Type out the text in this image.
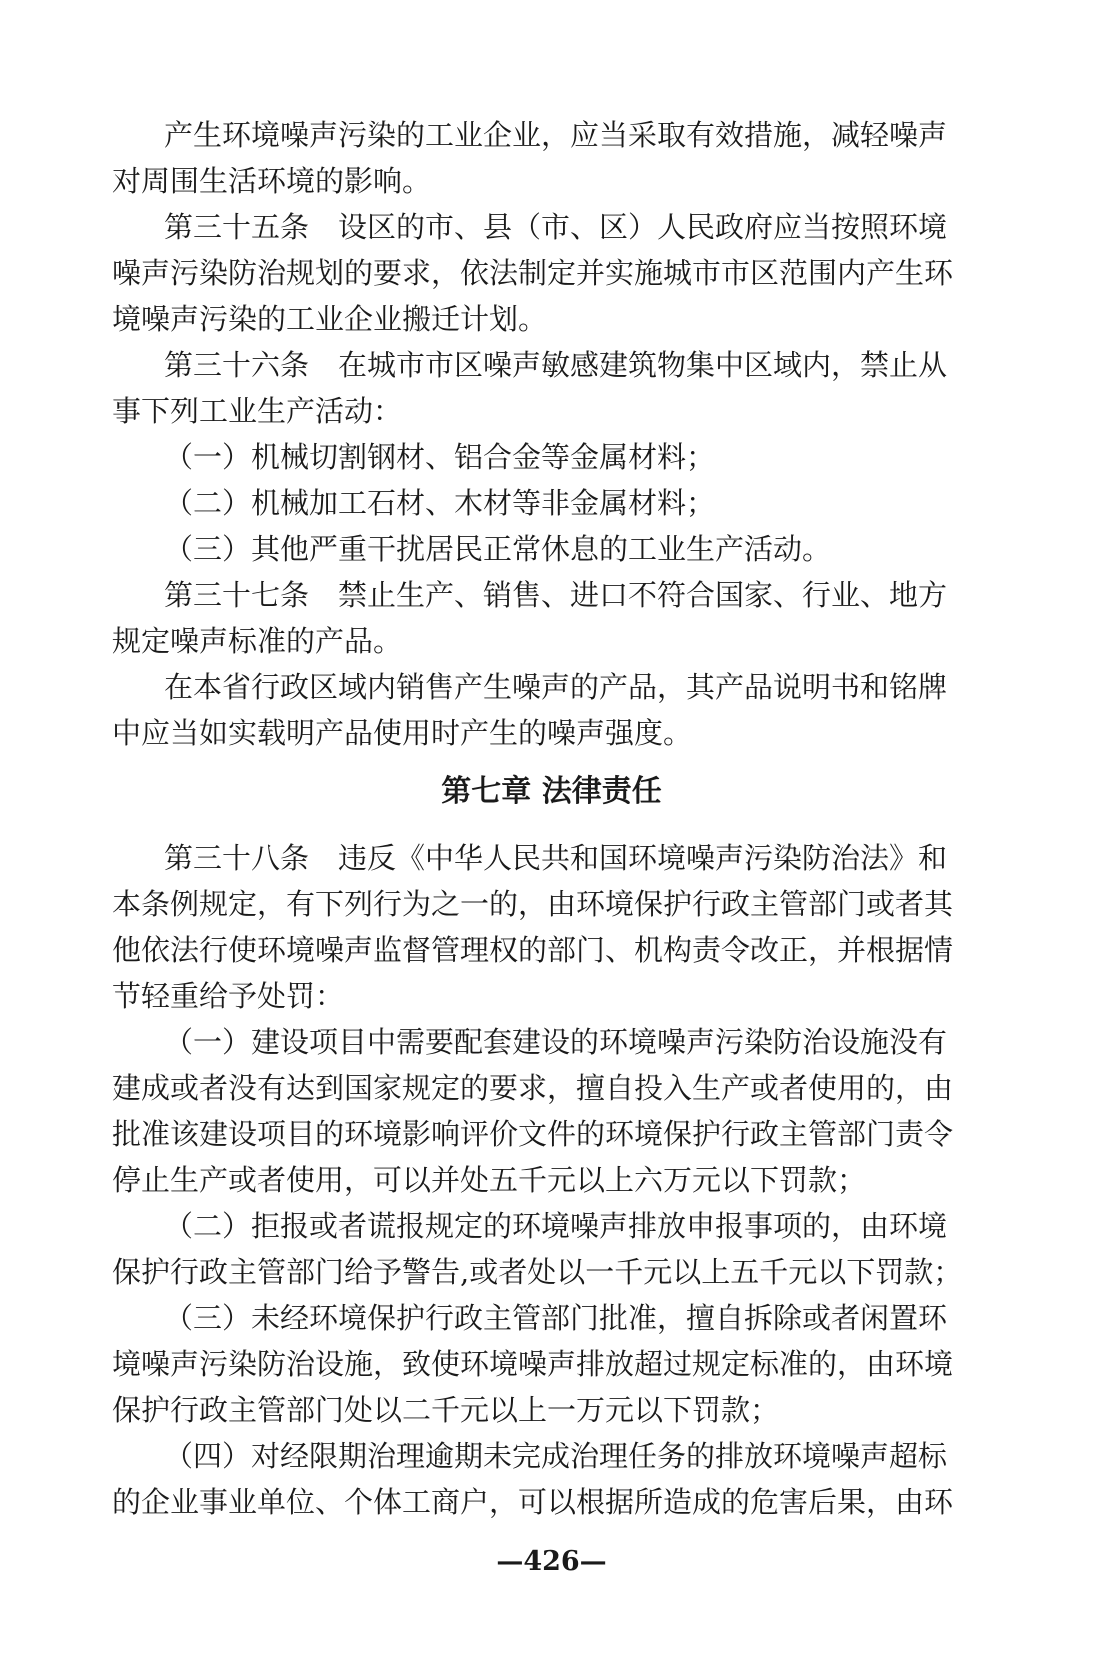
产生环境噪声污染的工业企业，应当采取有效措施，减轻噪声
对周围生活环境的影响。
第三十五条　设区的市、县（市、区）人民政府应当按照环境
噪声污染防治规划的要求，依法制定并实施城市市区范围内产生环
境噪声污染的工业企业搬迁计划。
第三十六条　在城市市区噪声敏感建筑物集中区域内，禁止从
事下列工业生产活动：
（一）机械切割钢材、铝合金等金属材料；
（二）机械加工石材、木材等非金属材料；
（三）其他严重干扰居民正常休息的工业生产活动。
第三十七条　禁止生产、销售、进口不符合国家、行业、地方
规定噪声标准的产品。
在本省行政区域内销售产生噪声的产品，其产品说明书和铭牌
中应当如实载明产品使用时产生的噪声强度。
第七章 法律责任
第三十八条　违反《中华人民共和国环境噪声污染防治法》和
本条例规定，有下列行为之一的，由环境保护行政主管部门或者其
他依法行使环境噪声监督管理权的部门、机构责令改正，并根据情
节轻重给予处罚：
（一）建设项目中需要配套建设的环境噪声污染防治设施没有
建成或者没有达到国家规定的要求，擅自投入生产或者使用的，由
批准该建设项目的环境影响评价文件的环境保护行政主管部门责令
停止生产或者使用，可以并处五千元以上六万元以下罚款；
（二）拒报或者谎报规定的环境噪声排放申报事项的，由环境
保护行政主管部门给予警告,或者处以一千元以上五千元以下罚款；
（三）未经环境保护行政主管部门批准，擅自拆除或者闲置环
境噪声污染防治设施，致使环境噪声排放超过规定标准的，由环境
保护行政主管部门处以二千元以上一万元以下罚款；
（四）对经限期治理逾期未完成治理任务的排放环境噪声超标
的企业事业单位、个体工商户，可以根据所造成的危害后果，由环
—426—
